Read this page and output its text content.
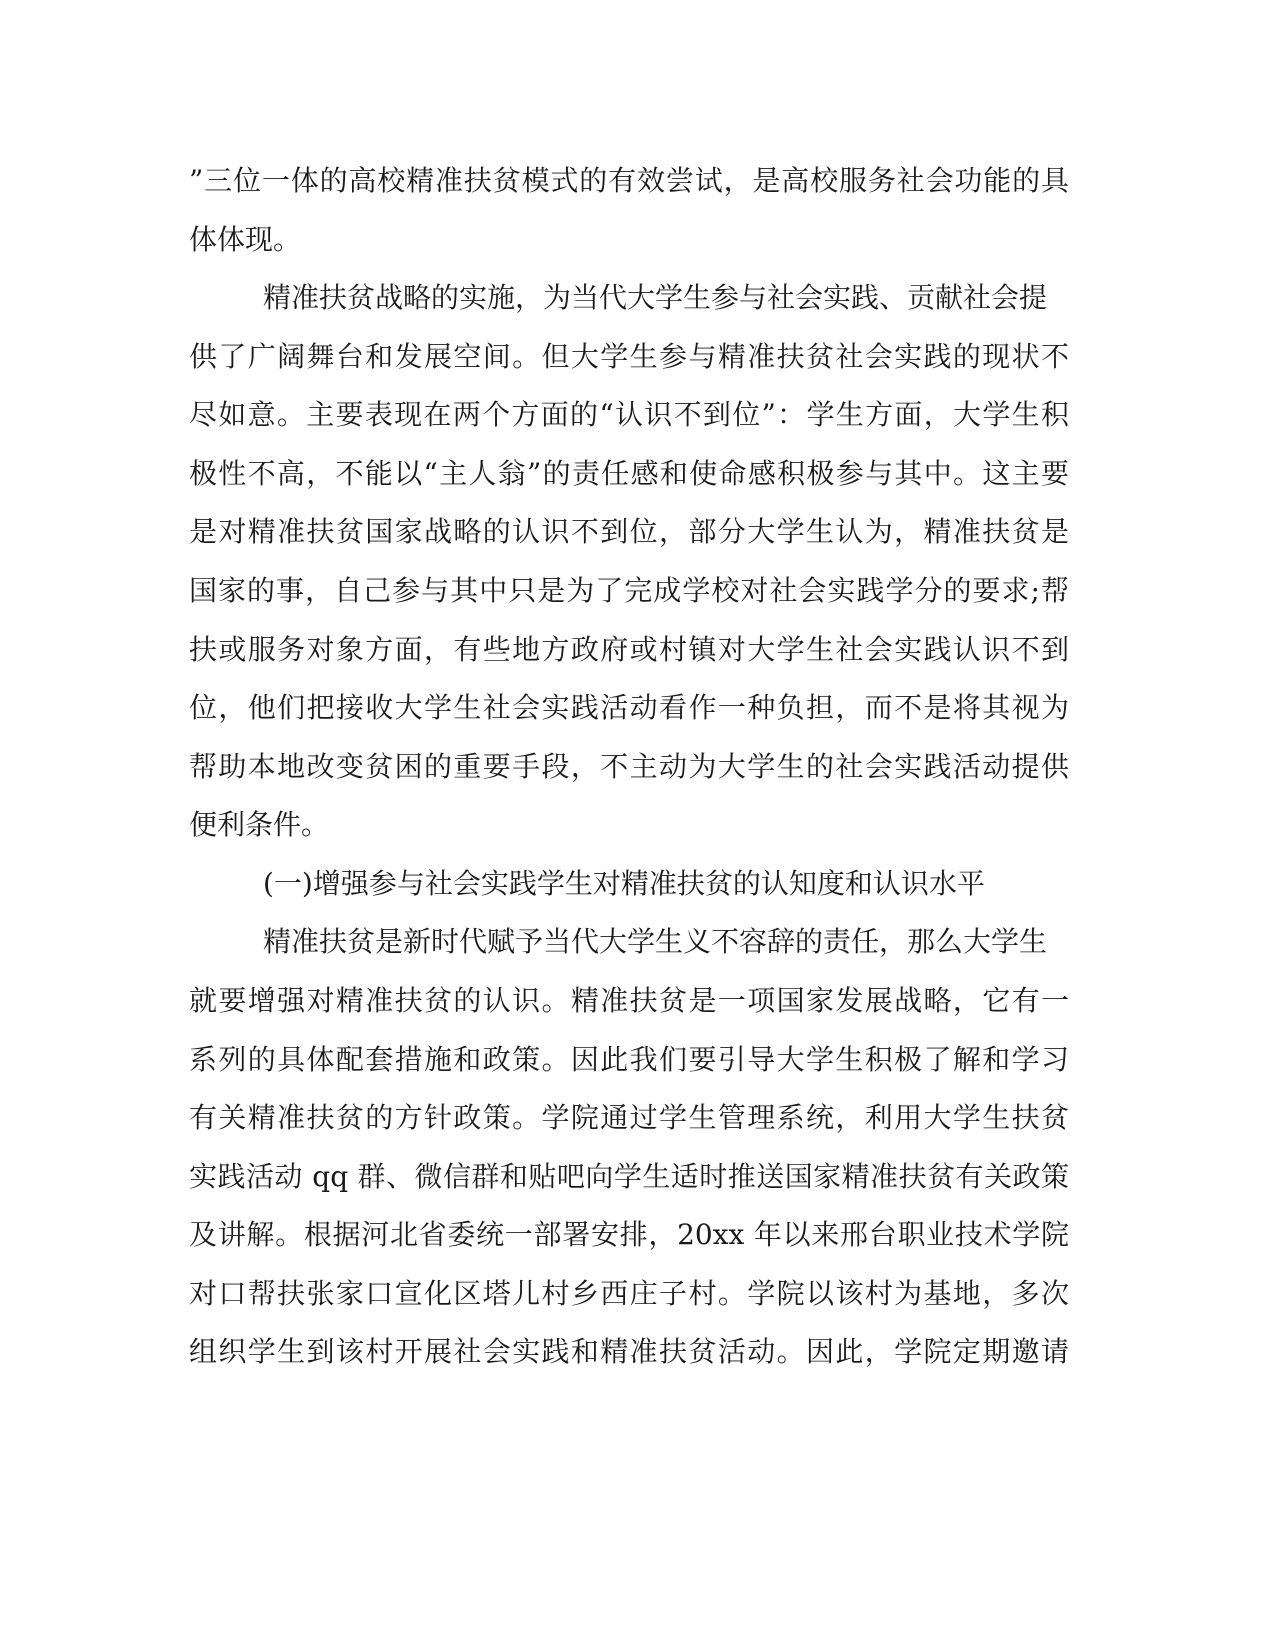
”三位一体的高校精准扶贫模式的有效尝试，是高校服务社会功能的具

体体现。

精准扶贫战略的实施，为当代大学生参与社会实践、贡献社会提

供了广阔舞台和发展空间。但大学生参与精准扶贫社会实践的现状不

尽如意。主要表现在两个方面的“认识不到位”：学生方面，大学生积

极性不高，不能以“主人翁”的责任感和使命感积极参与其中。这主要

是对精准扶贫国家战略的认识不到位，部分大学生认为，精准扶贫是

国家的事，自己参与其中只是为了完成学校对社会实践学分的要求;帮

扶或服务对象方面，有些地方政府或村镇对大学生社会实践认识不到

位，他们把接收大学生社会实践活动看作一种负担，而不是将其视为

帮助本地改变贫困的重要手段，不主动为大学生的社会实践活动提供

便利条件。

(一)增强参与社会实践学生对精准扶贫的认知度和认识水平

精准扶贫是新时代赋予当代大学生义不容辞的责任，那么大学生

就要增强对精准扶贫的认识。精准扶贫是一项国家发展战略，它有一

系列的具体配套措施和政策。因此我们要引导大学生积极了解和学习

有关精准扶贫的方针政策。学院通过学生管理系统，利用大学生扶贫

实践活动 qq 群、微信群和贴吧向学生适时推送国家精准扶贫有关政策

及讲解。根据河北省委统一部署安排，20xx 年以来邢台职业技术学院

对口帮扶张家口宣化区塔儿村乡西庄子村。学院以该村为基地，多次

组织学生到该村开展社会实践和精准扶贫活动。因此，学院定期邀请
